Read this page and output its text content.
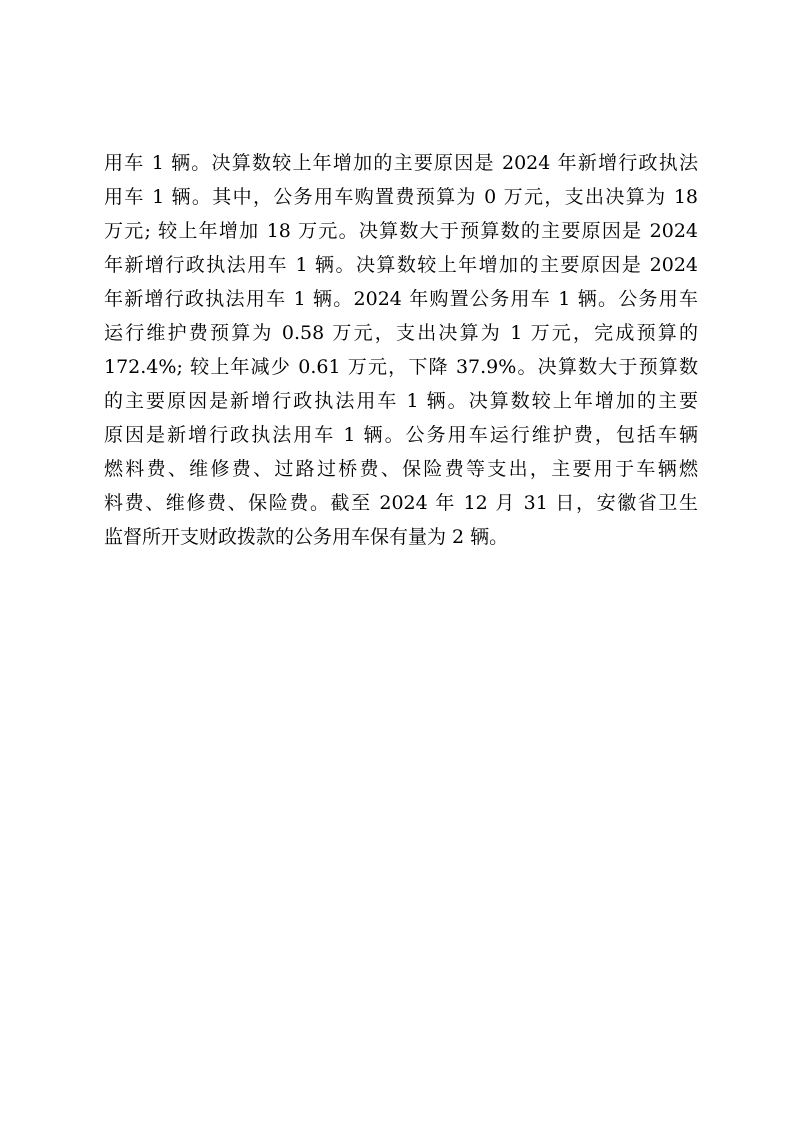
用车 1 辆。决算数较上年增加的主要原因是 2024 年新增行政执法
用车 1 辆。其中，公务用车购置费预算为 0 万元，支出决算为 18
万元; 较上年增加 18 万元。决算数大于预算数的主要原因是 2024
年新增行政执法用车 1 辆。决算数较上年增加的主要原因是 2024
年新增行政执法用车 1 辆。2024 年购置公务用车 1 辆。公务用车
运行维护费预算为 0.58 万元，支出决算为 1 万元，完成预算的
172.4%; 较上年减少 0.61 万元，下降 37.9%。决算数大于预算数
的主要原因是新增行政执法用车 1 辆。决算数较上年增加的主要
原因是新增行政执法用车 1 辆。公务用车运行维护费，包括车辆
燃料费、维修费、过路过桥费、保险费等支出，主要用于车辆燃
料费、维修费、保险费。截至 2024 年 12 月 31 日，安徽省卫生
监督所开支财政拨款的公务用车保有量为 2 辆。
